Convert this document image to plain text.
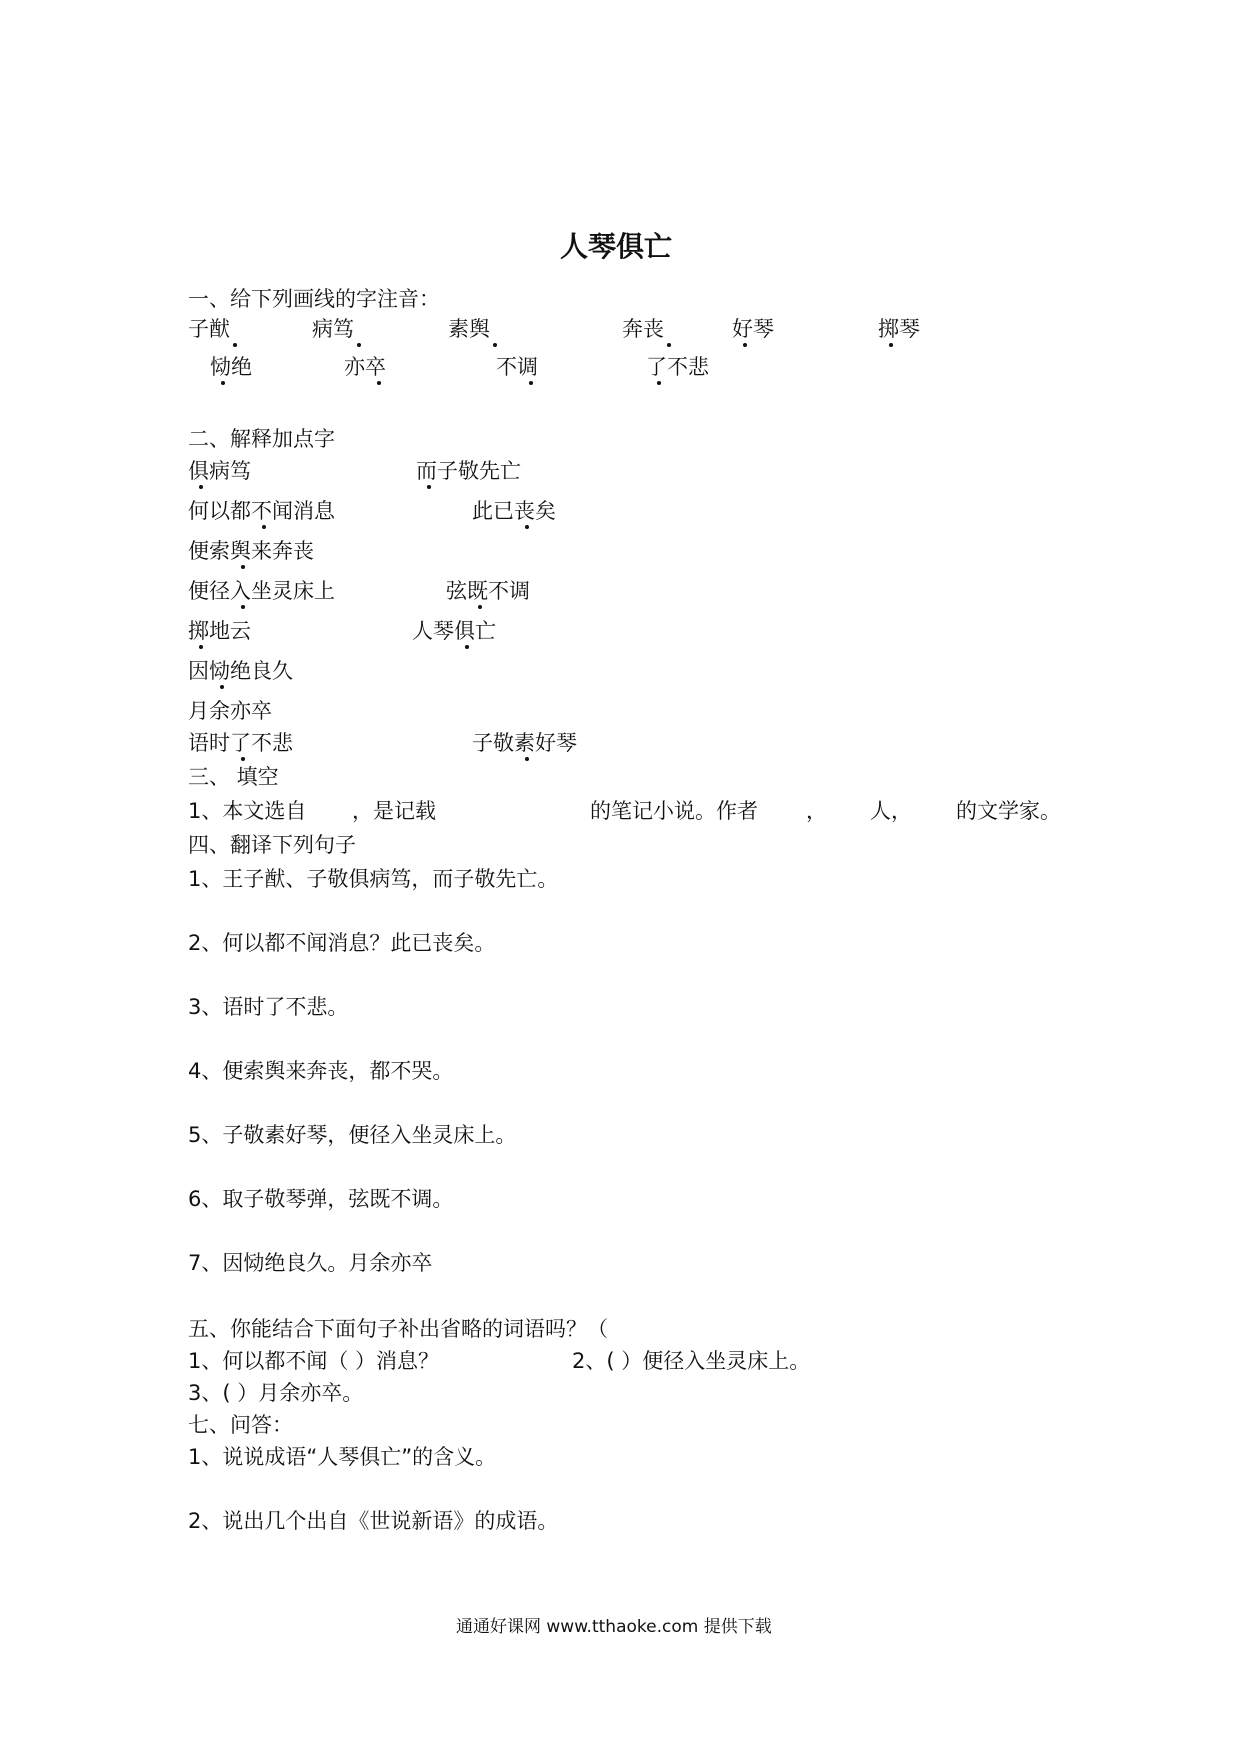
人琴俱亡
一、给下列画线的字注音：
子猷	病笃	素舆	奔丧	好琴	掷琴
恸绝	亦卒	不调	了不悲
二、解释加点字
俱病笃	而子敬先亡
何以都不闻消息	此已丧矣
便索舆来奔丧
便径入坐灵床上	弦既不调
掷地云	人琴俱亡
因恸绝良久
月余亦卒
语时了不悲	子敬素好琴
三、 填空
1、本文选自 ，是记载	的笔记小说。作者 ， 人， 的文学家。
四、翻译下列句子
1、王子猷、子敬俱病笃，而子敬先亡。
2、何以都不闻消息？此已丧矣。
3、语时了不悲。
4、便索舆来奔丧，都不哭。
5、子敬素好琴，便径入坐灵床上。
6、取子敬琴弹，弦既不调。
7、因恸绝良久。月余亦卒
五、你能结合下面句子补出省略的词语吗？（
1、何以都不闻（ ）消息？	2、( ）便径入坐灵床上。
3、( ）月余亦卒。
七、问答：
1、说说成语“人琴俱亡”的含义。
2、说出几个出自《世说新语》的成语。
通通好课网 www.tthaoke.com 提供下载
